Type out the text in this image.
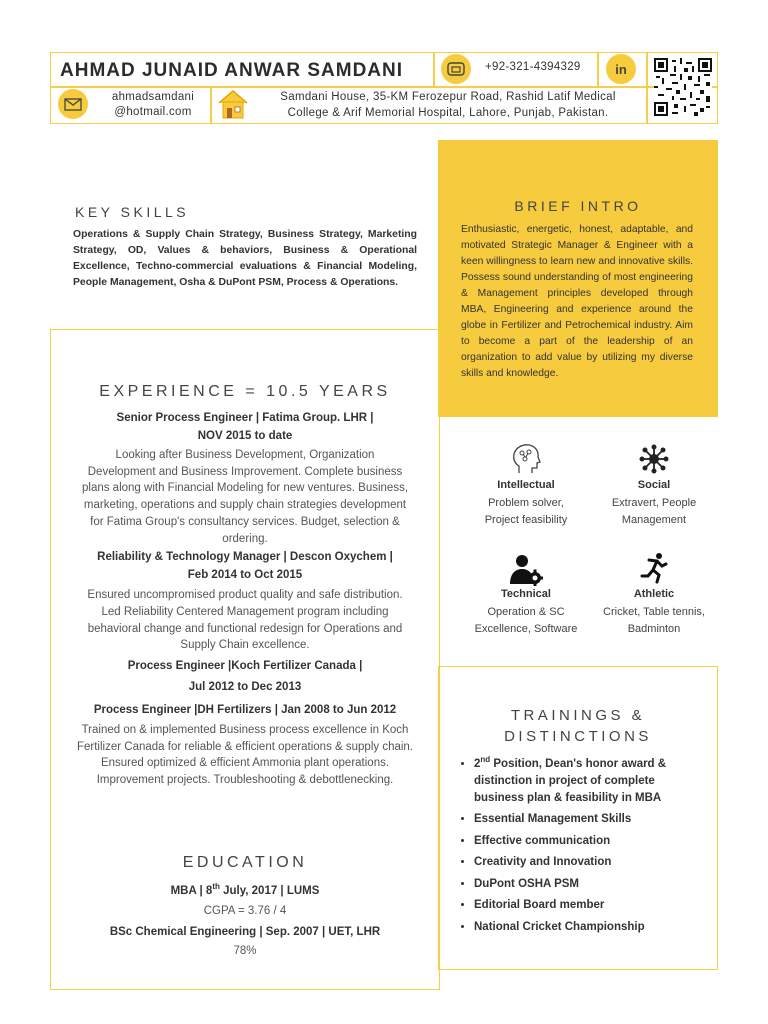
AHMAD JUNAID ANWAR SAMDANI	+92-321-4394329	in
ahmadsamdani
@hotmail.com
Samdani House, 35-KM Ferozepur Road, Rashid Latif Medical
College & Arif Memorial Hospital, Lahore, Punjab, Pakistan.
KEY SKILLS
Operations & Supply Chain Strategy, Business Strategy, Marketing Strategy, OD, Values & behaviors, Business & Operational Excellence, Techno-commercial evaluations & Financial Modeling, People Management, Osha & DuPont PSM, Process & Operations.
BRIEF INTRO
Enthusiastic, energetic, honest, adaptable, and motivated Strategic Manager & Engineer with a keen willingness to learn new and innovative skills. Possess sound understanding of most engineering & Management principles developed through MBA, Engineering and experience around the globe in Fertilizer and Petrochemical industry. Aim to become a part of the leadership of an organization to add value by utilizing my diverse skills and knowledge.
EXPERIENCE = 10.5 YEARS
Senior Process Engineer | Fatima Group. LHR |
NOV 2015 to date
Looking after Business Development, Organization Development and Business Improvement. Complete business plans along with Financial Modeling for new ventures. Business, marketing, operations and supply chain strategies development for Fatima Group's consultancy services. Budget, selection & ordering.
Reliability & Technology Manager | Descon Oxychem |
Feb 2014 to Oct 2015
Ensured uncompromised product quality and safe distribution. Led Reliability Centered Management program including behavioral change and functional redesign for Operations and Supply Chain excellence.
Process Engineer |Koch Fertilizer Canada |
Jul 2012 to Dec 2013
Process Engineer |DH Fertilizers | Jan 2008 to Jun 2012
Trained on & implemented Business process excellence in Koch Fertilizer Canada for reliable & efficient operations & supply chain. Ensured optimized & efficient Ammonia plant operations. Improvement projects. Troubleshooting & debottlenecking.
EDUCATION
MBA | 8th July, 2017 | LUMS
CGPA = 3.76 / 4
BSc Chemical Engineering | Sep. 2007 | UET, LHR
78%
Intellectual
Problem solver,
Project feasibility
Social
Extravert, People
Management
Technical
Operation & SC
Excellence, Software
Athletic
Cricket, Table tennis,
Badminton
TRAININGS &
DISTINCTIONS
• 2nd Position, Dean's honor award & distinction in project of complete business plan & feasibility in MBA
• Essential Management Skills
• Effective communication
• Creativity and Innovation
• DuPont OSHA PSM
• Editorial Board member
• National Cricket Championship
